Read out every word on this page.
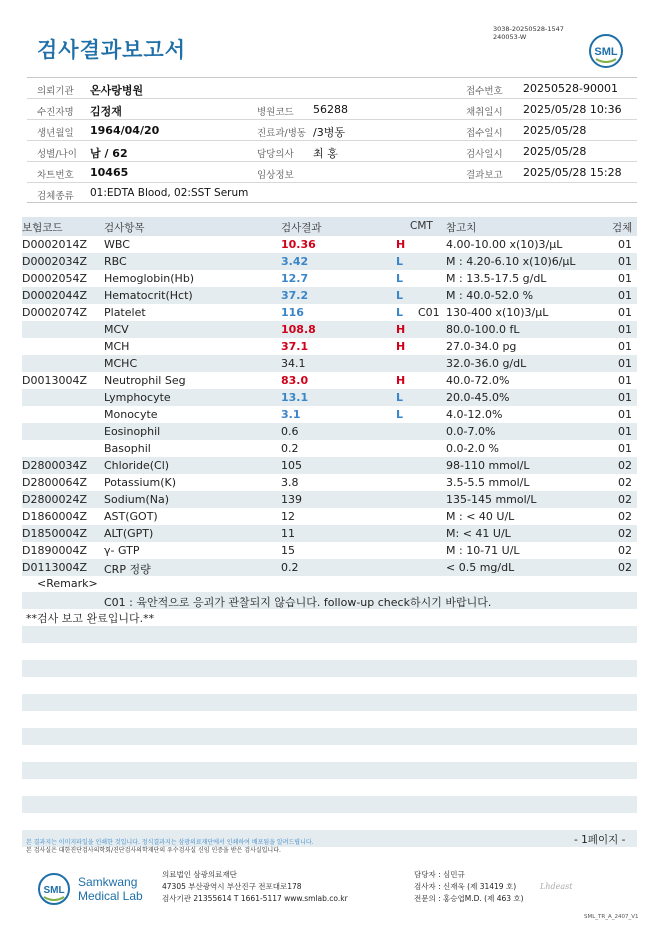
검사결과보고서
3038-20250528-1547
240053-W
SML
의뢰기관 온사랑병원	접수번호 20250528-90001
수진자명 김정재	병원코드 56288	채취일시 2025/05/28 10:36
생년월일 1964/04/20	진료과/병동 /3병동	접수일시 2025/05/28
성별/나이 남 / 62	담당의사 최 홍	검사일시 2025/05/28
차트번호 10465	임상정보	결과보고 2025/05/28 15:28
검체종류 01:EDTA Blood, 02:SST Serum
보험코드	검사항목	검사결과	CMT 참고치	검체
D0002014Z WBC	10.36	H	4.00-10.00 x(10)3/μL	01
D0002034Z RBC	3.42	L	M : 4.20-6.10 x(10)6/μL	01
D0002054Z Hemoglobin(Hb)	12.7	L	M : 13.5-17.5 g/dL	01
D0002044Z Hematocrit(Hct)	37.2	L	M : 40.0-52.0 %	01
D0002074Z Platelet	116	L C01 130-400 x(10)3/μL	01
MCV	108.8	H	80.0-100.0 fL	01
MCH	37.1	H	27.0-34.0 pg	01
MCHC	34.1	32.0-36.0 g/dL	01
D0013004Z Neutrophil Seg	83.0	H	40.0-72.0%	01
Lymphocyte	13.1	L	20.0-45.0%	01
Monocyte	3.1	L	4.0-12.0%	01
Eosinophil	0.6	0.0-7.0%	01
Basophil	0.2	0.0-2.0 %	01
D2800034Z Chloride(Cl)	105	98-110 mmol/L	02
D2800064Z Potassium(K)	3.8	3.5-5.5 mmol/L	02
D2800024Z Sodium(Na)	139	135-145 mmol/L	02
D1860004Z AST(GOT)	12	M : < 40 U/L	02
D1850004Z ALT(GPT)	11	M: < 41 U/L	02
D1890004Z γ- GTP	15	M : 10-71 U/L	02
D0113004Z CRP 정량	0.2	< 0.5 mg/dL	02
<Remark>
C01 : 육안적으로 응괴가 관찰되지 않습니다. follow-up check하시기 바랍니다.
**검사 보고 완료입니다.**
본 결과지는 이미지파일을 인쇄한 것입니다. 정식결과지는 삼광의료재단에서 인쇄하여 배포됨을 알려드립니다.
본 검사실은 대한진단검사의학회/진단검사의학재단의 우수검사실 신임 인증을 받은 검사실입니다.
- 1페이지 -
SML
Samkwang
Medical Lab
의료법인 삼광의료재단
47305 부산광역시 부산진구 전포대로178
검사기관 21355614 T 1661-5117 www.smlab.co.kr
담당자 : 심민규
검사자 : 신재욱 (제 31419 호)
전문의 : 홍승엽M.D. (제 463 호)
Lhdeast
SML_TR_A_2407_V1
